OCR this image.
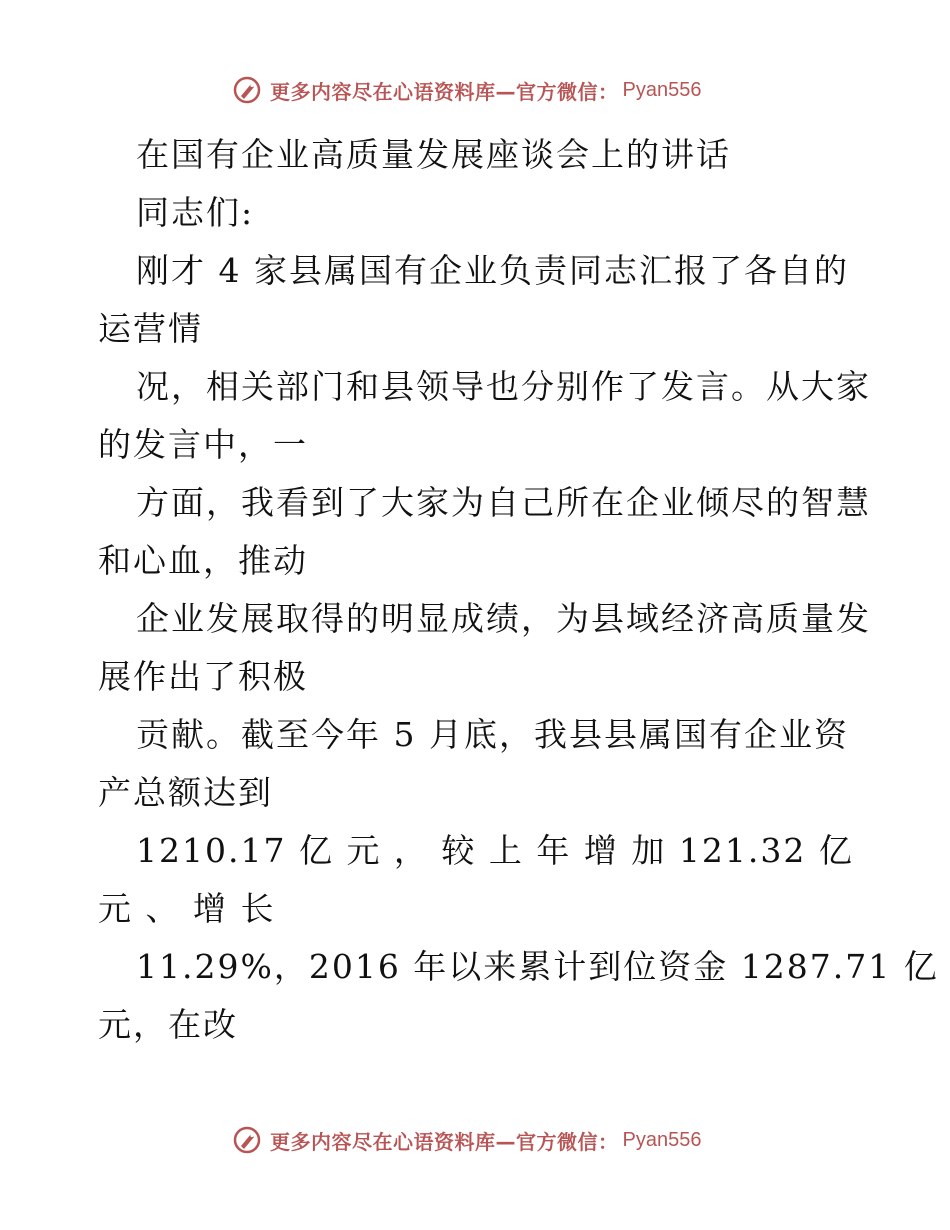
更多内容尽在心语资料库—官方微信： Pyan556
在国有企业高质量发展座谈会上的讲话
同志们:
刚才 4 家县属国有企业负责同志汇报了各自的
运营情
况，相关部门和县领导也分别作了发言。从大家
的发言中，一
方面，我看到了大家为自己所在企业倾尽的智慧
和心血，推动
企业发展取得的明显成绩，为县域经济高质量发
展作出了积极
贡献。截至今年 5 月底，我县县属国有企业资
产总额达到
1210.17 亿 元 ， 较 上 年 增 加 121.32 亿
元 、 增 长
11.29%，2016 年以来累计到位资金 1287.71 亿
元，在改
更多内容尽在心语资料库—官方微信： Pyan556
